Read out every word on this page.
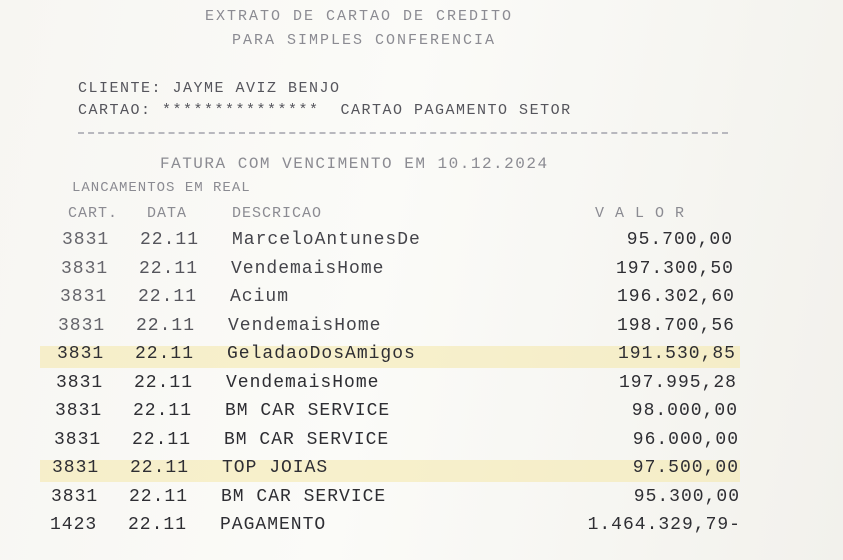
EXTRATO DE CARTAO DE CREDITO
PARA SIMPLES CONFERENCIA
CLIENTE: JAYME AVIZ BENJO
CARTAO: ***************  CARTAO PAGAMENTO SETOR
FATURA COM VENCIMENTO EM 10.12.2024
LANCAMENTOS EM REAL
CART. DATA	DESCRICAO	V A L O R
3831 22.11 MarceloAntunesDe	95.700,00
3831 22.11 VendemaisHome	197.300,50
3831 22.11 Acium	196.302,60
3831 22.11 VendemaisHome	198.700,56
3831 22.11 GeladaoDosAmigos	191.530,85
3831 22.11 VendemaisHome	197.995,28
3831 22.11 BM CAR SERVICE	98.000,00
3831 22.11 BM CAR SERVICE	96.000,00
3831 22.11 TOP JOIAS	97.500,00
3831 22.11 BM CAR SERVICE	95.300,00
1423 22.11 PAGAMENTO	1.464.329,79-
